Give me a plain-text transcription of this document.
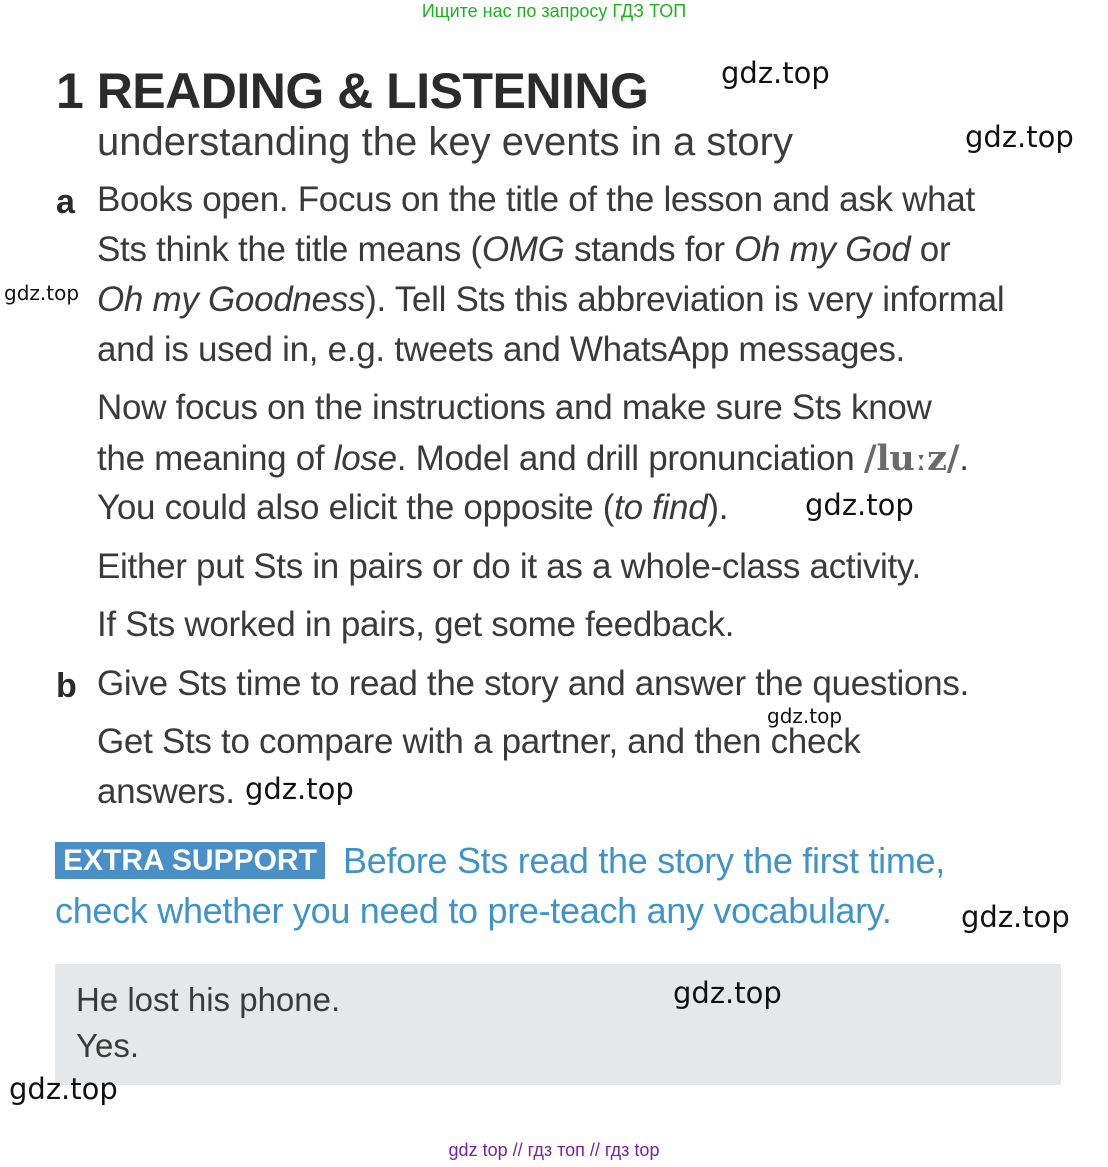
Ищите нас по запросу ГДЗ ТОП
1 READING & LISTENING
understanding the key events in a story
a Books open. Focus on the title of the lesson and ask what
Sts think the title means (OMG stands for Oh my God or
Oh my Goodness). Tell Sts this abbreviation is very informal
and is used in, e.g. tweets and WhatsApp messages.
Now focus on the instructions and make sure Sts know
the meaning of lose. Model and drill pronunciation /luːz/.
You could also elicit the opposite (to find).
Either put Sts in pairs or do it as a whole-class activity.
If Sts worked in pairs, get some feedback.
b Give Sts time to read the story and answer the questions.
Get Sts to compare with a partner, and then check
answers.
EXTRA SUPPORT Before Sts read the story the first time,
check whether you need to pre-teach any vocabulary.
He lost his phone.
Yes.
gdz.top
gdz.top
gdz.top
gdz.top
gdz.top
gdz.top
gdz.top
gdz.top
gdz.top
gdz top // гдз топ // гдз top
